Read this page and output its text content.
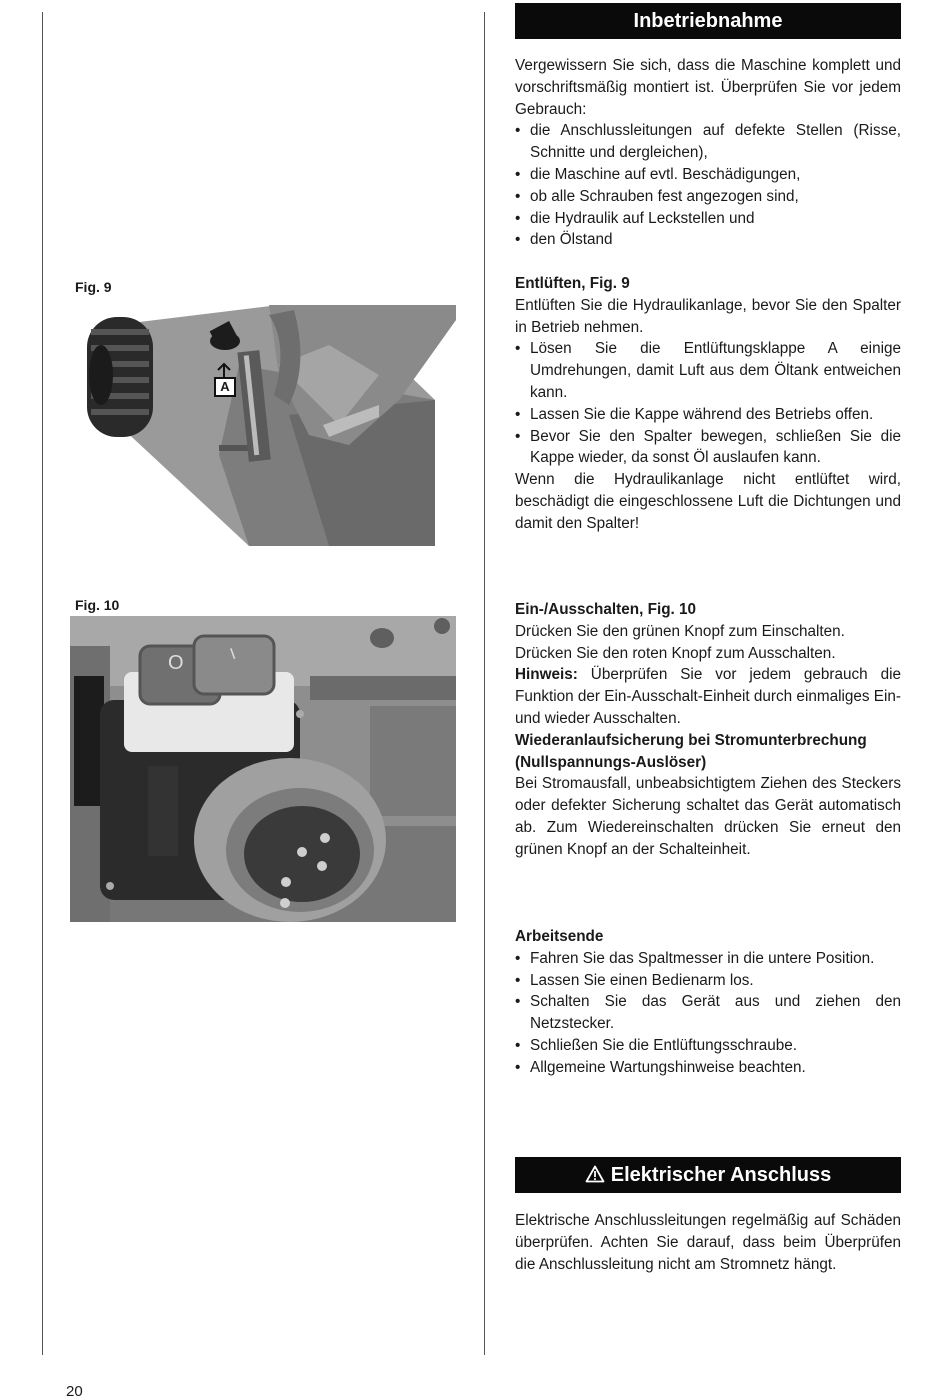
Fig. 9
A
Fig. 10
O	I
Inbetriebnahme

Vergewissern Sie sich, dass die Maschine komplett und vorschriftsmäßig montiert ist. Überprüfen Sie vor jedem Gebrauch:

• die Anschlussleitungen auf defekte Stellen (Risse, Schnitte und dergleichen),
• die Maschine auf evtl. Beschädigungen,
• ob alle Schrauben fest angezogen sind,
• die Hydraulik auf Leckstellen und
• den Ölstand

Entlüften, Fig. 9

Entlüften Sie die Hydraulikanlage, bevor Sie den Spalter in Betrieb nehmen.

• Lösen Sie die Entlüftungsklappe A einige Umdrehungen, damit Luft aus dem Öltank entweichen kann.
• Lassen Sie die Kappe während des Betriebs offen.
• Bevor Sie den Spalter bewegen, schließen Sie die Kappe wieder, da sonst Öl auslaufen kann.

Wenn die Hydraulikanlage nicht entlüftet wird, beschädigt die eingeschlossene Luft die Dichtungen und damit den Spalter!

Ein-/Ausschalten, Fig. 10

Drücken Sie den grünen Knopf zum Einschalten.

Drücken Sie den roten Knopf zum Ausschalten.

Hinweis: Überprüfen Sie vor jedem gebrauch die Funktion der Ein-Ausschalt-Einheit durch einmaliges Ein- und wieder Ausschalten.

Wiederanlaufsicherung bei Stromunterbrechung (Nullspannungs-Auslöser)

Bei Stromausfall, unbeabsichtigtem Ziehen des Steckers oder defekter Sicherung schaltet das Gerät automatisch ab. Zum Wiedereinschalten drücken Sie erneut den grünen Knopf an der Schalteinheit.

Arbeitsende

• Fahren Sie das Spaltmesser in die untere Position.
• Lassen Sie einen Bedienarm los.
• Schalten Sie das Gerät aus und ziehen den Netzstecker.
• Schließen Sie die Entlüftungsschraube.
• Allgemeine Wartungshinweise beachten.
Elektrischer Anschluss

Elektrische Anschlussleitungen regelmäßig auf Schäden überprüfen. Achten Sie darauf, dass beim Überprüfen die Anschlussleitung nicht am Stromnetz hängt.

20
